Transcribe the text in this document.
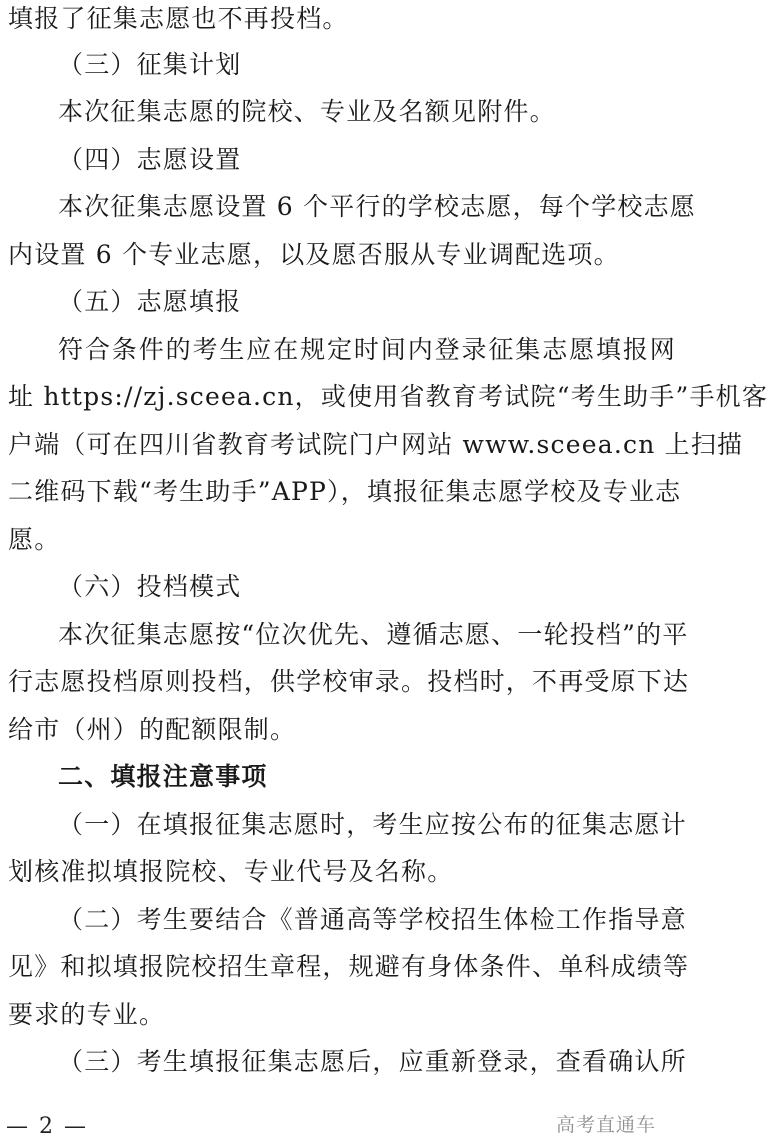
填报了征集志愿也不再投档。
（三）征集计划
本次征集志愿的院校、专业及名额见附件。
（四）志愿设置
本次征集志愿设置 6 个平行的学校志愿，每个学校志愿
内设置 6 个专业志愿，以及愿否服从专业调配选项。
（五）志愿填报
符合条件的考生应在规定时间内登录征集志愿填报网
址 https://zj.sceea.cn，或使用省教育考试院“考生助手”手机客
户端（可在四川省教育考试院门户网站 www.sceea.cn 上扫描
二维码下载“考生助手”APP），填报征集志愿学校及专业志
愿。
（六）投档模式
本次征集志愿按“位次优先、遵循志愿、一轮投档”的平
行志愿投档原则投档，供学校审录。投档时，不再受原下达
给市（州）的配额限制。
二、填报注意事项
（一）在填报征集志愿时，考生应按公布的征集志愿计
划核准拟填报院校、专业代号及名称。
（二）考生要结合《普通高等学校招生体检工作指导意
见》和拟填报院校招生章程，规避有身体条件、单科成绩等
要求的专业。
（三）考生填报征集志愿后，应重新登录，查看确认所
— 2 —	高考直通车
